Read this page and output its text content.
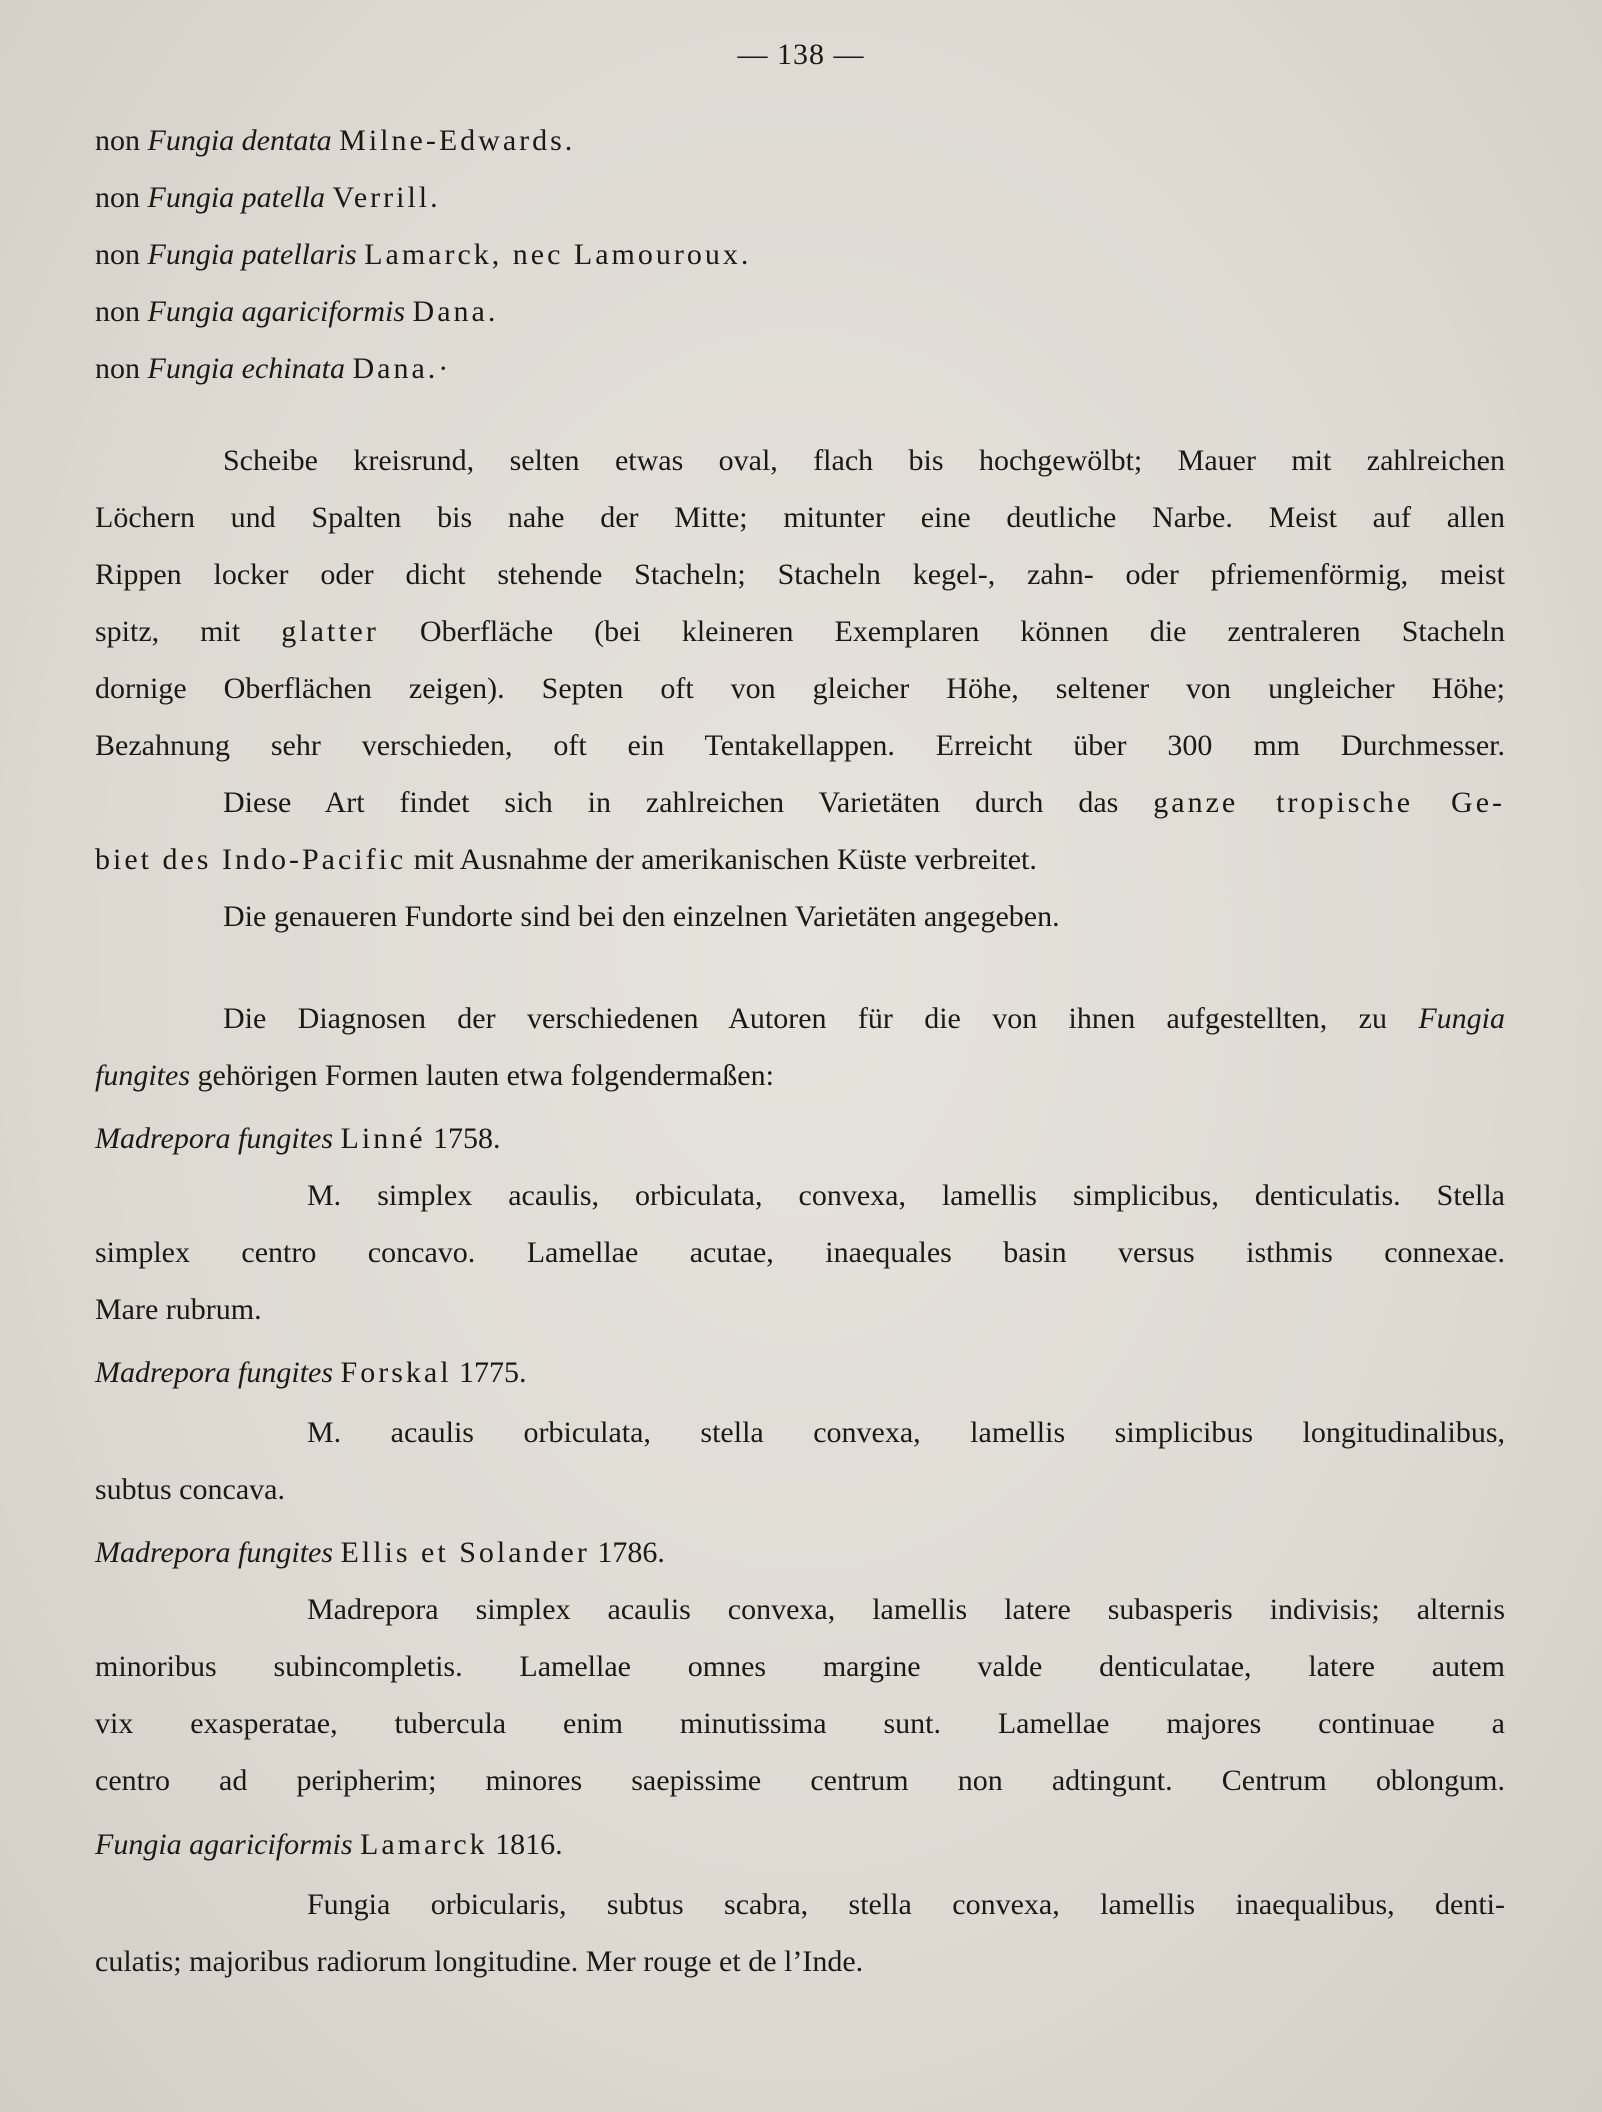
— 138 —
non Fungia dentata Milne-Edwards.
non Fungia patella Verrill.
non Fungia patellaris Lamarck, nec Lamouroux.
non Fungia agariciformis Dana.
non Fungia echinata Dana.·
Scheibe kreisrund, selten etwas oval, flach bis hochgewölbt; Mauer mit zahlreichen
Löchern und Spalten bis nahe der Mitte; mitunter eine deutliche Narbe. Meist auf allen
Rippen locker oder dicht stehende Stacheln; Stacheln kegel-, zahn- oder pfriemenförmig, meist
spitz, mit glatter Oberfläche (bei kleineren Exemplaren können die zentraleren Stacheln
dornige Oberflächen zeigen). Septen oft von gleicher Höhe, seltener von ungleicher Höhe;
Bezahnung sehr verschieden, oft ein Tentakellappen. Erreicht über 300 mm Durchmesser.
Diese Art findet sich in zahlreichen Varietäten durch das ganze tropische Ge-
biet des Indo-Pacific mit Ausnahme der amerikanischen Küste verbreitet.
Die genaueren Fundorte sind bei den einzelnen Varietäten angegeben.
Die Diagnosen der verschiedenen Autoren für die von ihnen aufgestellten, zu Fungia
fungites gehörigen Formen lauten etwa folgendermaßen:
Madrepora fungites Linné 1758.
M. simplex acaulis, orbiculata, convexa, lamellis simplicibus, denticulatis. Stella
simplex centro concavo. Lamellae acutae, inaequales basin versus isthmis connexae.
Mare rubrum.
Madrepora fungites Forskal 1775.
M. acaulis orbiculata, stella convexa, lamellis simplicibus longitudinalibus,
subtus concava.
Madrepora fungites Ellis et Solander 1786.
Madrepora simplex acaulis convexa, lamellis latere subasperis indivisis; alternis
minoribus subincompletis. Lamellae omnes margine valde denticulatae, latere autem
vix exasperatae, tubercula enim minutissima sunt. Lamellae majores continuae a
centro ad peripherim; minores saepissime centrum non adtingunt. Centrum oblongum.
Fungia agariciformis Lamarck 1816.
Fungia orbicularis, subtus scabra, stella convexa, lamellis inaequalibus, denti-
culatis; majoribus radiorum longitudine. Mer rouge et de l’Inde.
